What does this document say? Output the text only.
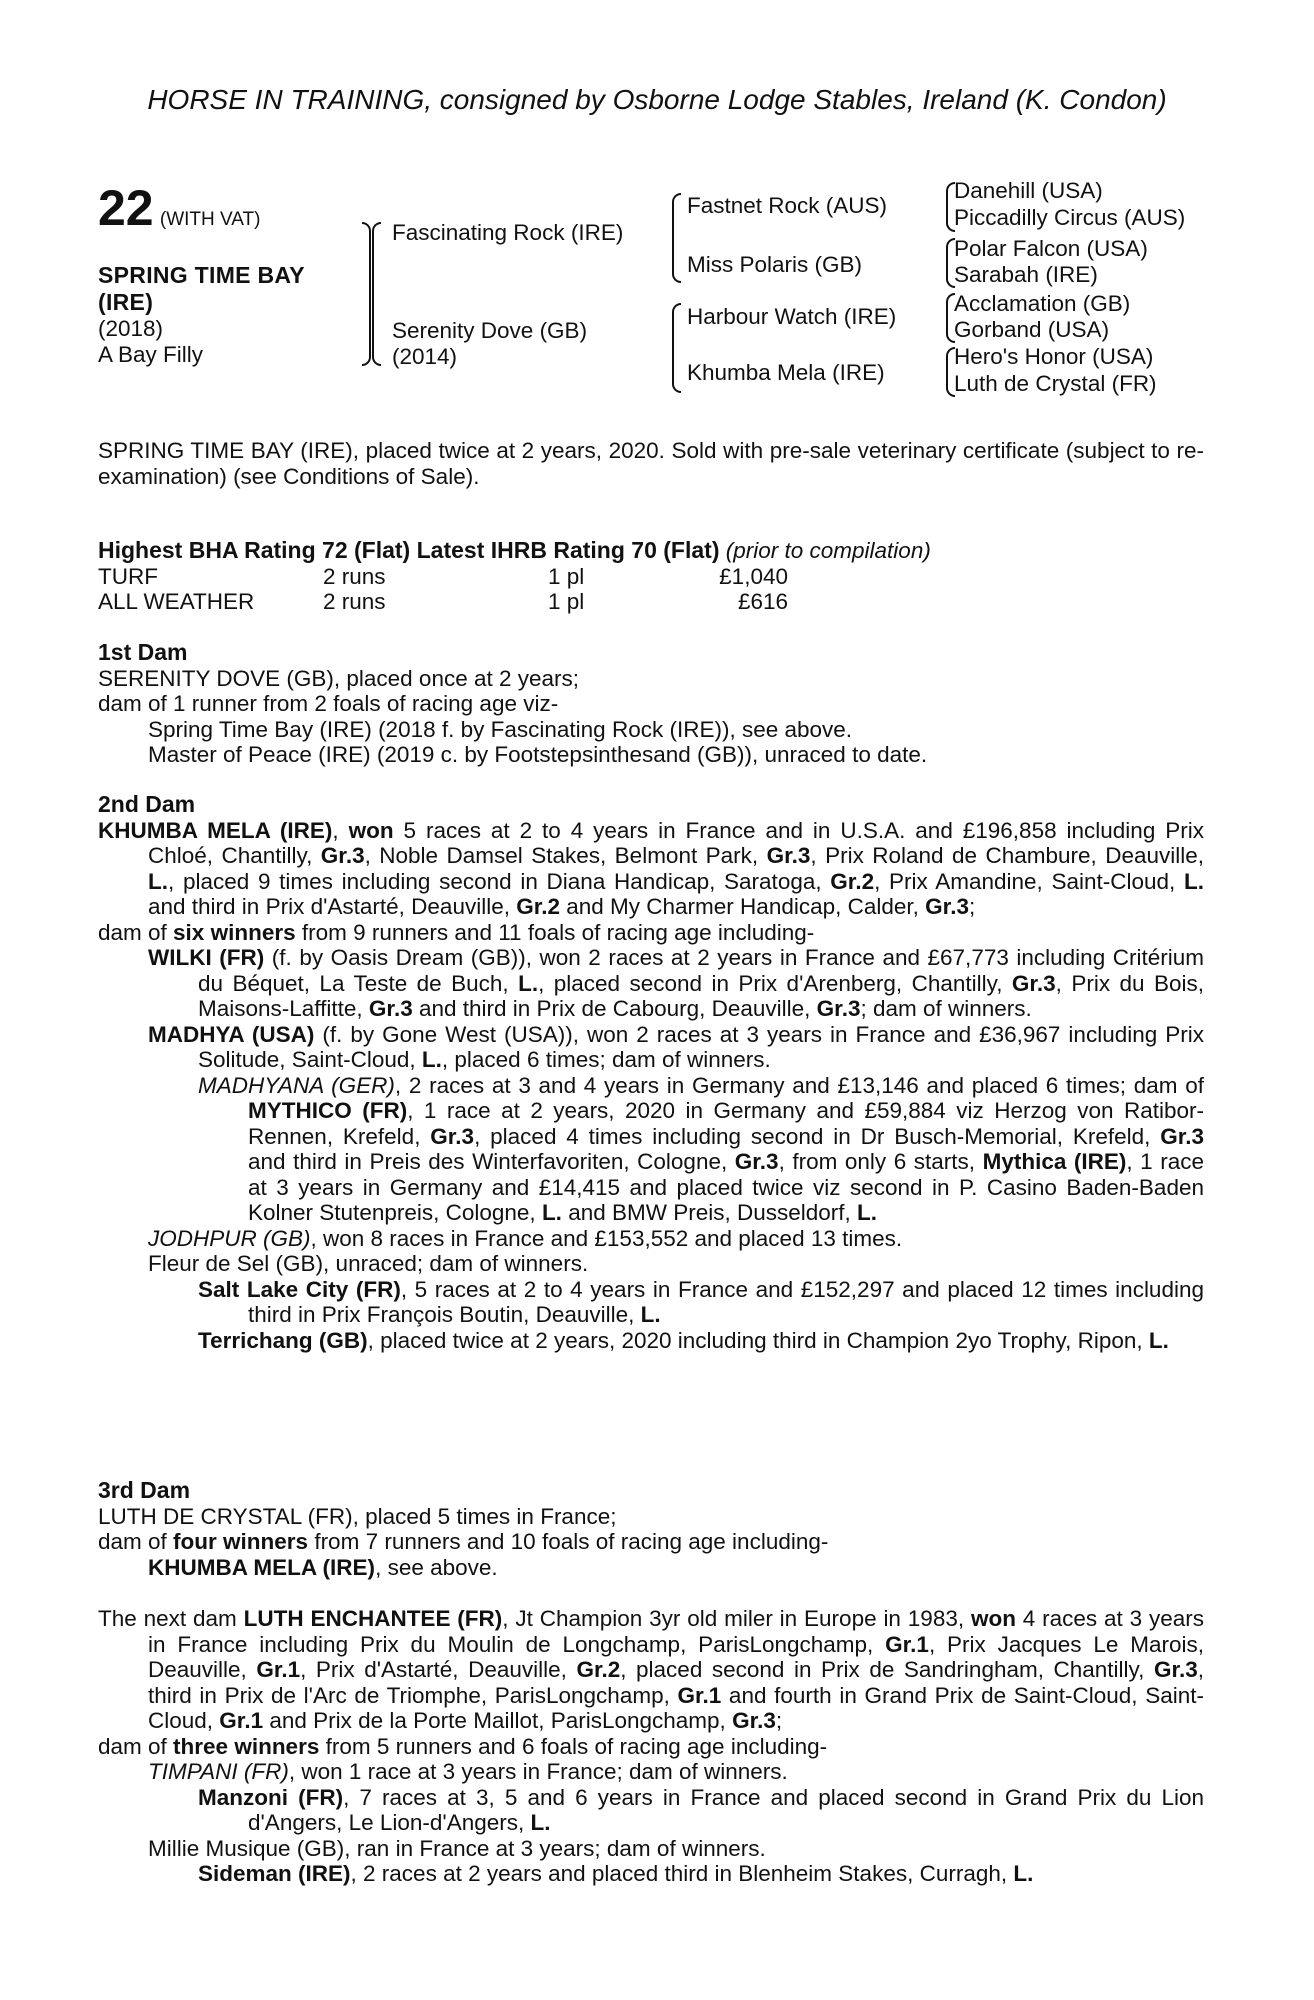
HORSE IN TRAINING, consigned by Osborne Lodge Stables, Ireland (K. Condon)
22 (WITH VAT)
SPRING TIME BAY
(IRE)
(2018)
A Bay Filly
Fascinating Rock (IRE)
Serenity Dove (GB)
(2014)
Fastnet Rock (AUS)
Miss Polaris (GB)
Harbour Watch (IRE)
Khumba Mela (IRE)
Danehill (USA)
Piccadilly Circus (AUS)
Polar Falcon (USA)
Sarabah (IRE)
Acclamation (GB)
Gorband (USA)
Hero's Honor (USA)
Luth de Crystal (FR)
SPRING TIME BAY (IRE), placed twice at 2 years, 2020. Sold with pre-sale veterinary certificate (subject to re-examination) (see Conditions of Sale).
Highest BHA Rating 72 (Flat) Latest IHRB Rating 70 (Flat) (prior to compilation)
TURF	2 runs	1 pl	£1,040
ALL WEATHER	2 runs	1 pl	£616
1st Dam

SERENITY DOVE (GB), placed once at 2 years;

dam of 1 runner from 2 foals of racing age viz-

Spring Time Bay (IRE) (2018 f. by Fascinating Rock (IRE)), see above.

Master of Peace (IRE) (2019 c. by Footstepsinthesand (GB)), unraced to date.

2nd Dam

KHUMBA MELA (IRE), won 5 races at 2 to 4 years in France and in U.S.A. and £196,858 including Prix Chloé, Chantilly, Gr.3, Noble Damsel Stakes, Belmont Park, Gr.3, Prix Roland de Chambure, Deauville, L., placed 9 times including second in Diana Handicap, Saratoga, Gr.2, Prix Amandine, Saint-Cloud, L. and third in Prix d'Astarté, Deauville, Gr.2 and My Charmer Handicap, Calder, Gr.3;

dam of six winners from 9 runners and 11 foals of racing age including-

WILKI (FR) (f. by Oasis Dream (GB)), won 2 races at 2 years in France and £67,773 including Critérium du Béquet, La Teste de Buch, L., placed second in Prix d'Arenberg, Chantilly, Gr.3, Prix du Bois, Maisons-Laffitte, Gr.3 and third in Prix de Cabourg, Deauville, Gr.3; dam of winners.

MADHYA (USA) (f. by Gone West (USA)), won 2 races at 3 years in France and £36,967 including Prix Solitude, Saint-Cloud, L., placed 6 times; dam of winners.

MADHYANA (GER), 2 races at 3 and 4 years in Germany and £13,146 and placed 6 times; dam of MYTHICO (FR), 1 race at 2 years, 2020 in Germany and £59,884 viz Herzog von Ratibor-Rennen, Krefeld, Gr.3, placed 4 times including second in Dr Busch-Memorial, Krefeld, Gr.3 and third in Preis des Winterfavoriten, Cologne, Gr.3, from only 6 starts, Mythica (IRE), 1 race at 3 years in Germany and £14,415 and placed twice viz second in P. Casino Baden-Baden Kolner Stutenpreis, Cologne, L. and BMW Preis, Dusseldorf, L.

JODHPUR (GB), won 8 races in France and £153,552 and placed 13 times.

Fleur de Sel (GB), unraced; dam of winners.

Salt Lake City (FR), 5 races at 2 to 4 years in France and £152,297 and placed 12 times including third in Prix François Boutin, Deauville, L.

Terrichang (GB), placed twice at 2 years, 2020 including third in Champion 2yo Trophy, Ripon, L.

3rd Dam

LUTH DE CRYSTAL (FR), placed 5 times in France;

dam of four winners from 7 runners and 10 foals of racing age including-

KHUMBA MELA (IRE), see above.

The next dam LUTH ENCHANTEE (FR), Jt Champion 3yr old miler in Europe in 1983, won 4 races at 3 years in France including Prix du Moulin de Longchamp, ParisLongchamp, Gr.1, Prix Jacques Le Marois, Deauville, Gr.1, Prix d'Astarté, Deauville, Gr.2, placed second in Prix de Sandringham, Chantilly, Gr.3, third in Prix de l'Arc de Triomphe, ParisLongchamp, Gr.1 and fourth in Grand Prix de Saint-Cloud, Saint-Cloud, Gr.1 and Prix de la Porte Maillot, ParisLongchamp, Gr.3;

dam of three winners from 5 runners and 6 foals of racing age including-

TIMPANI (FR), won 1 race at 3 years in France; dam of winners.

Manzoni (FR), 7 races at 3, 5 and 6 years in France and placed second in Grand Prix du Lion d'Angers, Le Lion-d'Angers, L.

Millie Musique (GB), ran in France at 3 years; dam of winners.

Sideman (IRE), 2 races at 2 years and placed third in Blenheim Stakes, Curragh, L.
